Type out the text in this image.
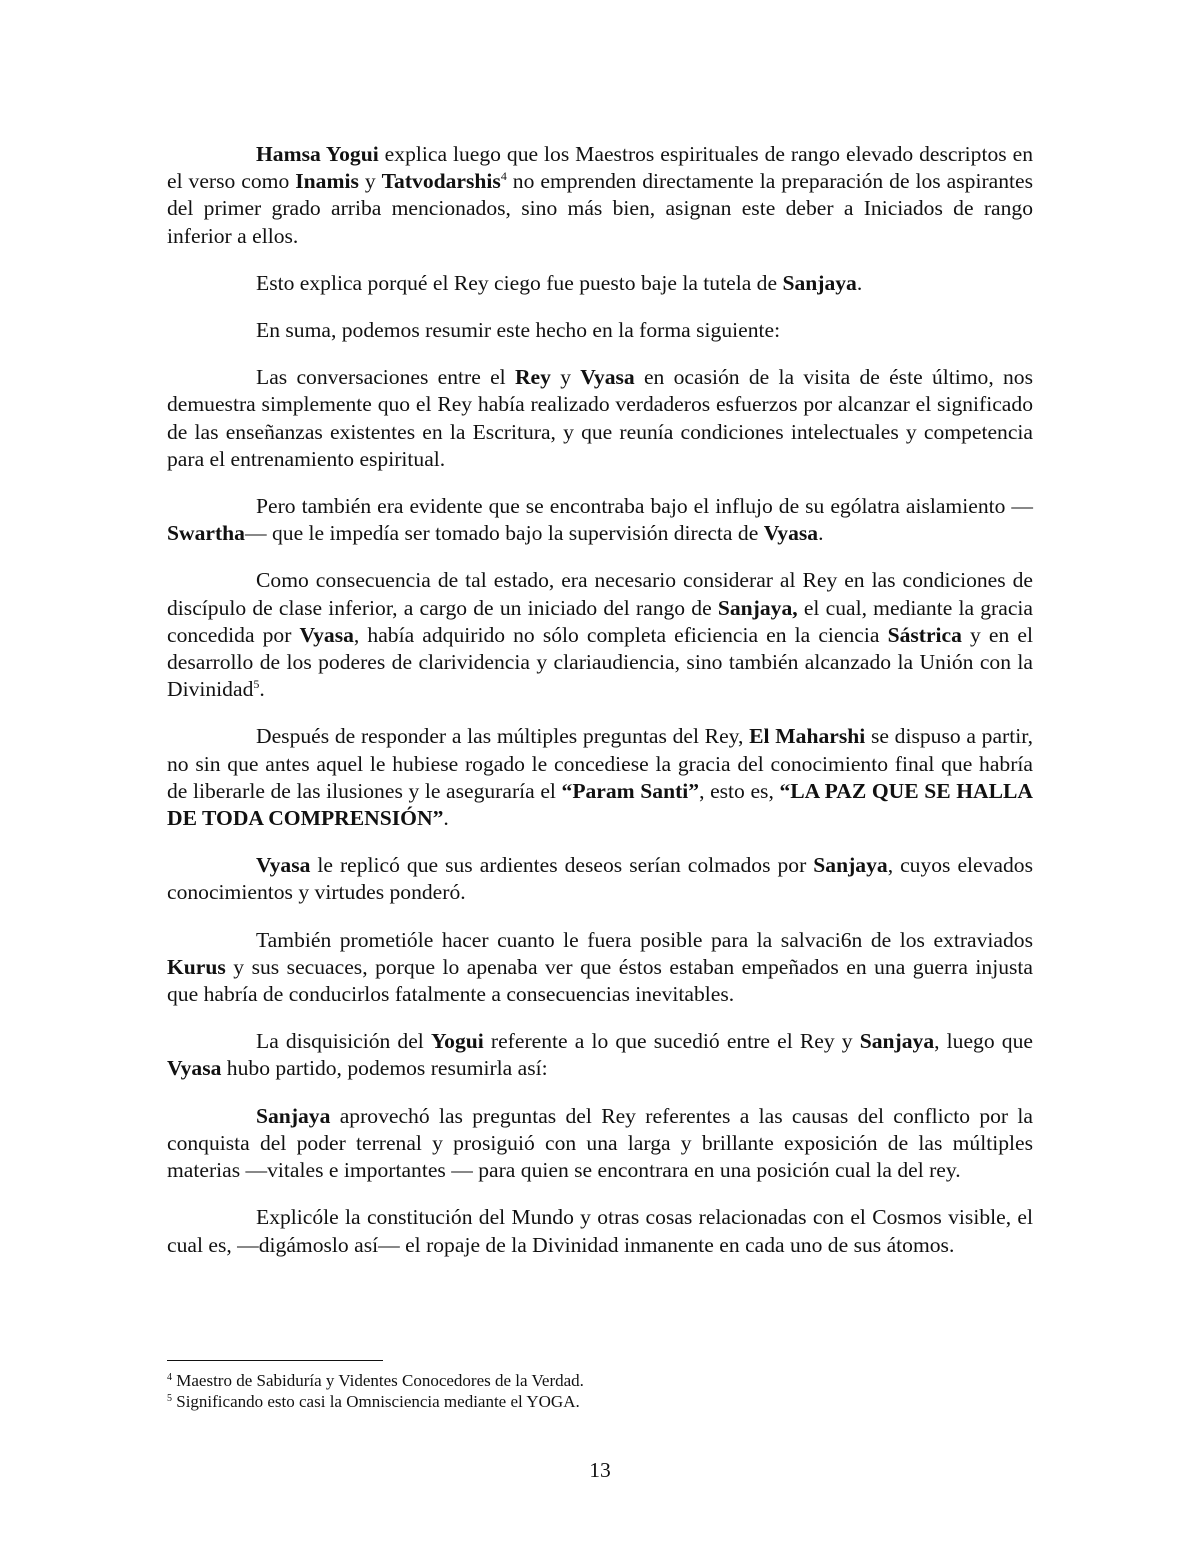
Hamsa Yogui explica luego que los Maestros espirituales de rango elevado descriptos en el verso como Inamis y Tatvodarshis$^4$ no emprenden directamente la preparación de los aspirantes del primer grado arriba mencionados, sino más bien, asignan este deber a Iniciados de rango inferior a ellos.

Esto explica porqué el Rey ciego fue puesto baje la tutela de Sanjaya.

En suma, podemos resumir este hecho en la forma siguiente:

Las conversaciones entre el Rey y Vyasa en ocasión de la visita de éste último, nos demuestra simplemente quo el Rey había realizado verdaderos esfuerzos por alcanzar el significado de las enseñanzas existentes en la Escritura, y que reunía condiciones intelectuales y competencia para el entrenamiento espiritual.

Pero también era evidente que se encontraba bajo el influjo de su ególatra aislamiento —Swartha— que le impedía ser tomado bajo la supervisión directa de Vyasa.

Como consecuencia de tal estado, era necesario considerar al Rey en las condiciones de discípulo de clase inferior, a cargo de un iniciado del rango de Sanjaya, el cual, mediante la gracia concedida por Vyasa, había adquirido no sólo completa eficiencia en la ciencia Sástrica y en el desarrollo de los poderes de clarividencia y clariaudiencia, sino también alcanzado la Unión con la Divinidad$^5$.

Después de responder a las múltiples preguntas del Rey, El Maharshi se dispuso a partir, no sin que antes aquel le hubiese rogado le concediese la gracia del conocimiento final que habría de liberarle de las ilusiones y le aseguraría el “Param Santi”, esto es, “LA PAZ QUE SE HALLA DE TODA COMPRENSIÓN”.

Vyasa le replicó que sus ardientes deseos serían colmados por Sanjaya, cuyos elevados conocimientos y virtudes ponderó.

También prometióle hacer cuanto le fuera posible para la salvaci6n de los extraviados Kurus y sus secuaces, porque lo apenaba ver que éstos estaban empeñados en una guerra injusta que habría de conducirlos fatalmente a consecuencias inevitables.

La disquisición del Yogui referente a lo que sucedió entre el Rey y Sanjaya, luego que Vyasa hubo partido, podemos resumirla así:

Sanjaya aprovechó las preguntas del Rey referentes a las causas del conflicto por la conquista del poder terrenal y prosiguió con una larga y brillante exposición de las múltiples materias —vitales e importantes — para quien se encontrara en una posición cual la del rey.

Explicóle la constitución del Mundo y otras cosas relacionadas con el Cosmos visible, el cual es, —digámoslo así— el ropaje de la Divinidad inmanente en cada uno de sus átomos.

$^4$ Maestro de Sabiduría y Videntes Conocedores de la Verdad.

$^5$ Significando esto casi la Omnisciencia mediante el YOGA.

13
